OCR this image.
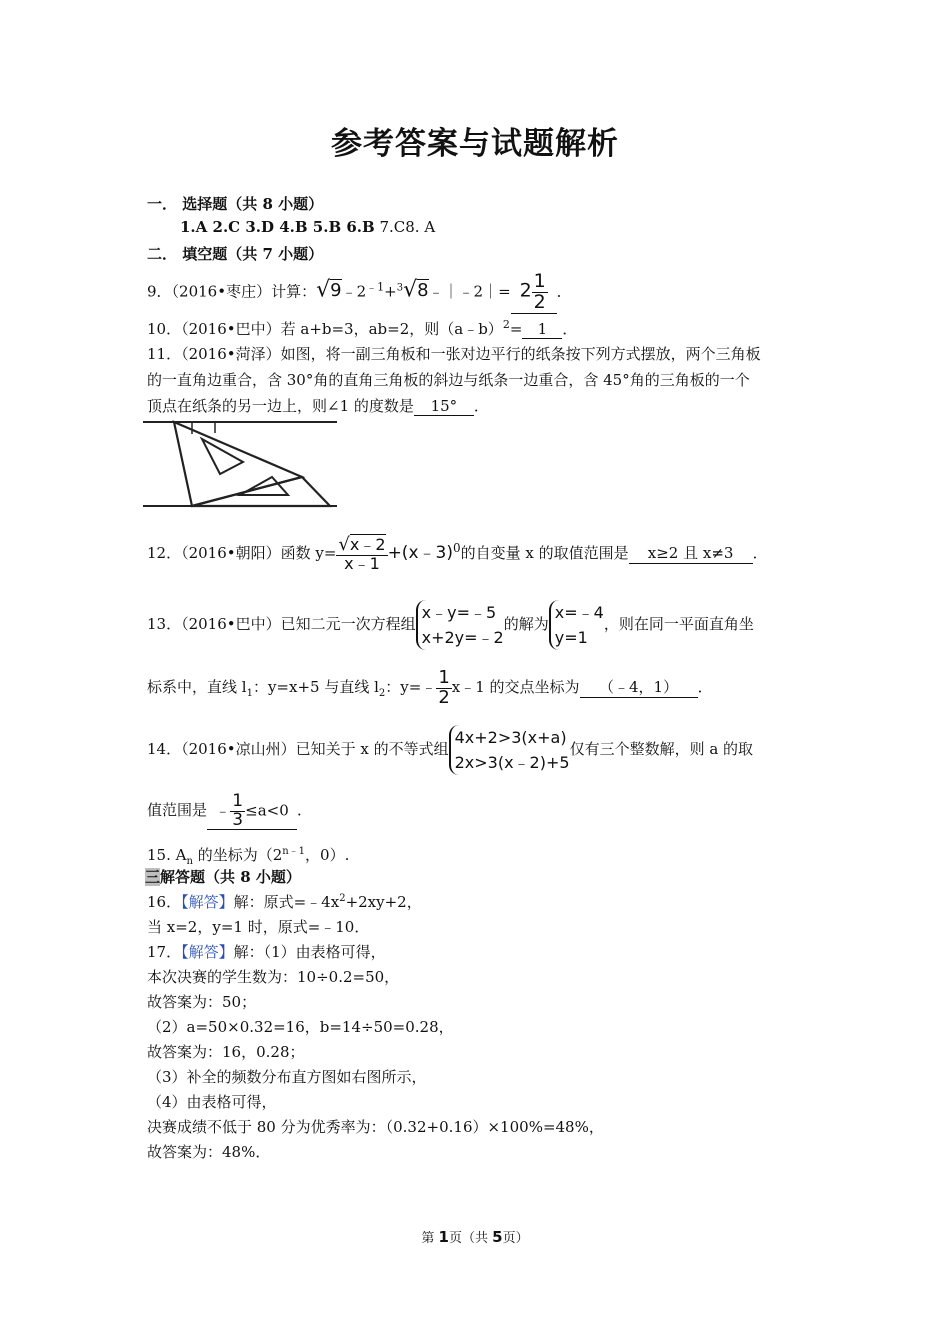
参考答案与试题解析
一． 选择题（共 8 小题）
1.A 2.C 3.D 4.B 5.B 6.B 7.C8. A
二． 填空题（共 7 小题）
9．（2016•枣庄）计算：$√9﹣2^{﹣1}+^3√8﹣|﹣2|= 2 \frac{1}{2}$ ．
10．（2016•巴中）若 a+b=3，ab=2，则（a﹣b）$^2$= 1 ．
11．（2016•菏泽）如图，将一副三角板和一张对边平行的纸条按下列方式摆放，两个三角板
的一直角边重合，含 30°角的直角三角板的斜边与纸条一边重合，含 45°角的三角板的一个
顶点在纸条的另一边上，则∠1 的度数是 15° ．
12．（2016•朝阳）函数 $y= \frac{√x﹣2}{x﹣1}$ +(x﹣3)$^0$的自变量 x 的取值范围是 x≥2 且 x≠3 ．
13．（2016•巴中）已知二元一次方程组
x﹣y=﹣5
x+2y=﹣2
的解为
x=﹣4
y=1
，则在同一平面直角坐
标系中，直线 $l_1$：y=x+5 与直线 $l_2$：y=﹣ $\frac{1}{2}$ x﹣1 的交点坐标为 （﹣4，1） ．
14．（2016•凉山州）已知关于 x 的不等式组
4x+2>3(x+a)
2x>3(x﹣2)+5
仅有三个整数解，则 a 的取
值范围是 ﹣ $\frac{1}{3} \le a<0$ ．
15. $A_n$ 的坐标为（$2^{n﹣1}$，0）.
三解答题（共 8 小题）
16．【解答】解：原式$=﹣4x^2+2xy+2$，
当 x=2，y=1 时，原式=﹣10．
17．【解答】解：（1）由表格可得，
本次决赛的学生数为：10÷0.2=50，
故答案为：50；
（2）a=50×0.32=16，b=14÷50=0.28，
故答案为：16，0.28；
（3）补全的频数分布直方图如右图所示，
（4）由表格可得，
决赛成绩不低于 80 分为优秀率为：（0.32+0.16）×100%=48%，
故答案为：48%．
第 1页（共 5页）
